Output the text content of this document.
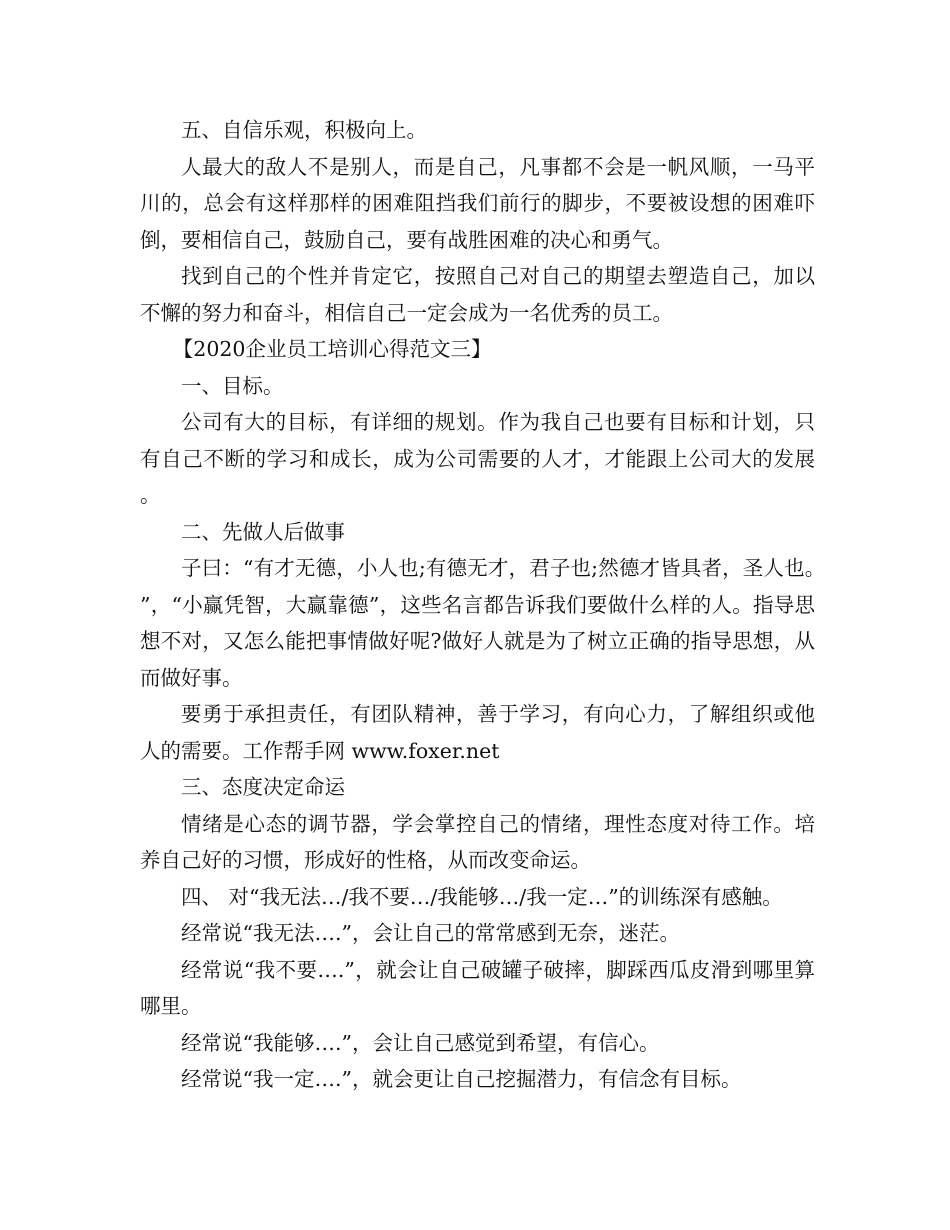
五、自信乐观，积极向上。

人最大的敌人不是别人，而是自己，凡事都不会是一帆风顺，一马平川的，总会有这样那样的困难阻挡我们前行的脚步，不要被设想的困难吓倒，要相信自己，鼓励自己，要有战胜困难的决心和勇气。

找到自己的个性并肯定它，按照自己对自己的期望去塑造自己，加以不懈的努力和奋斗，相信自己一定会成为一名优秀的员工。

【2020企业员工培训心得范文三】

一、目标。

公司有大的目标，有详细的规划。作为我自己也要有目标和计划，只有自己不断的学习和成长，成为公司需要的人才，才能跟上公司大的发展。

二、先做人后做事

子曰：“有才无德，小人也;有德无才，君子也;然德才皆具者，圣人也。”，“小赢凭智，大赢靠德”，这些名言都告诉我们要做什么样的人。指导思想不对，又怎么能把事情做好呢?做好人就是为了树立正确的指导思想，从而做好事。

要勇于承担责任，有团队精神，善于学习，有向心力，了解组织或他人的需要。工作帮手网 www.foxer.net

三、态度决定命运

情绪是心态的调节器，学会掌控自己的情绪，理性态度对待工作。培养自己好的习惯，形成好的性格，从而改变命运。

四、 对“我无法…/我不要…/我能够…/我一定…”的训练深有感触。

经常说“我无法….”，会让自己的常常感到无奈，迷茫。

经常说“我不要….”，就会让自己破罐子破摔，脚踩西瓜皮滑到哪里算哪里。

经常说“我能够….”，会让自己感觉到希望，有信心。

经常说“我一定….”，就会更让自己挖掘潜力，有信念有目标。
